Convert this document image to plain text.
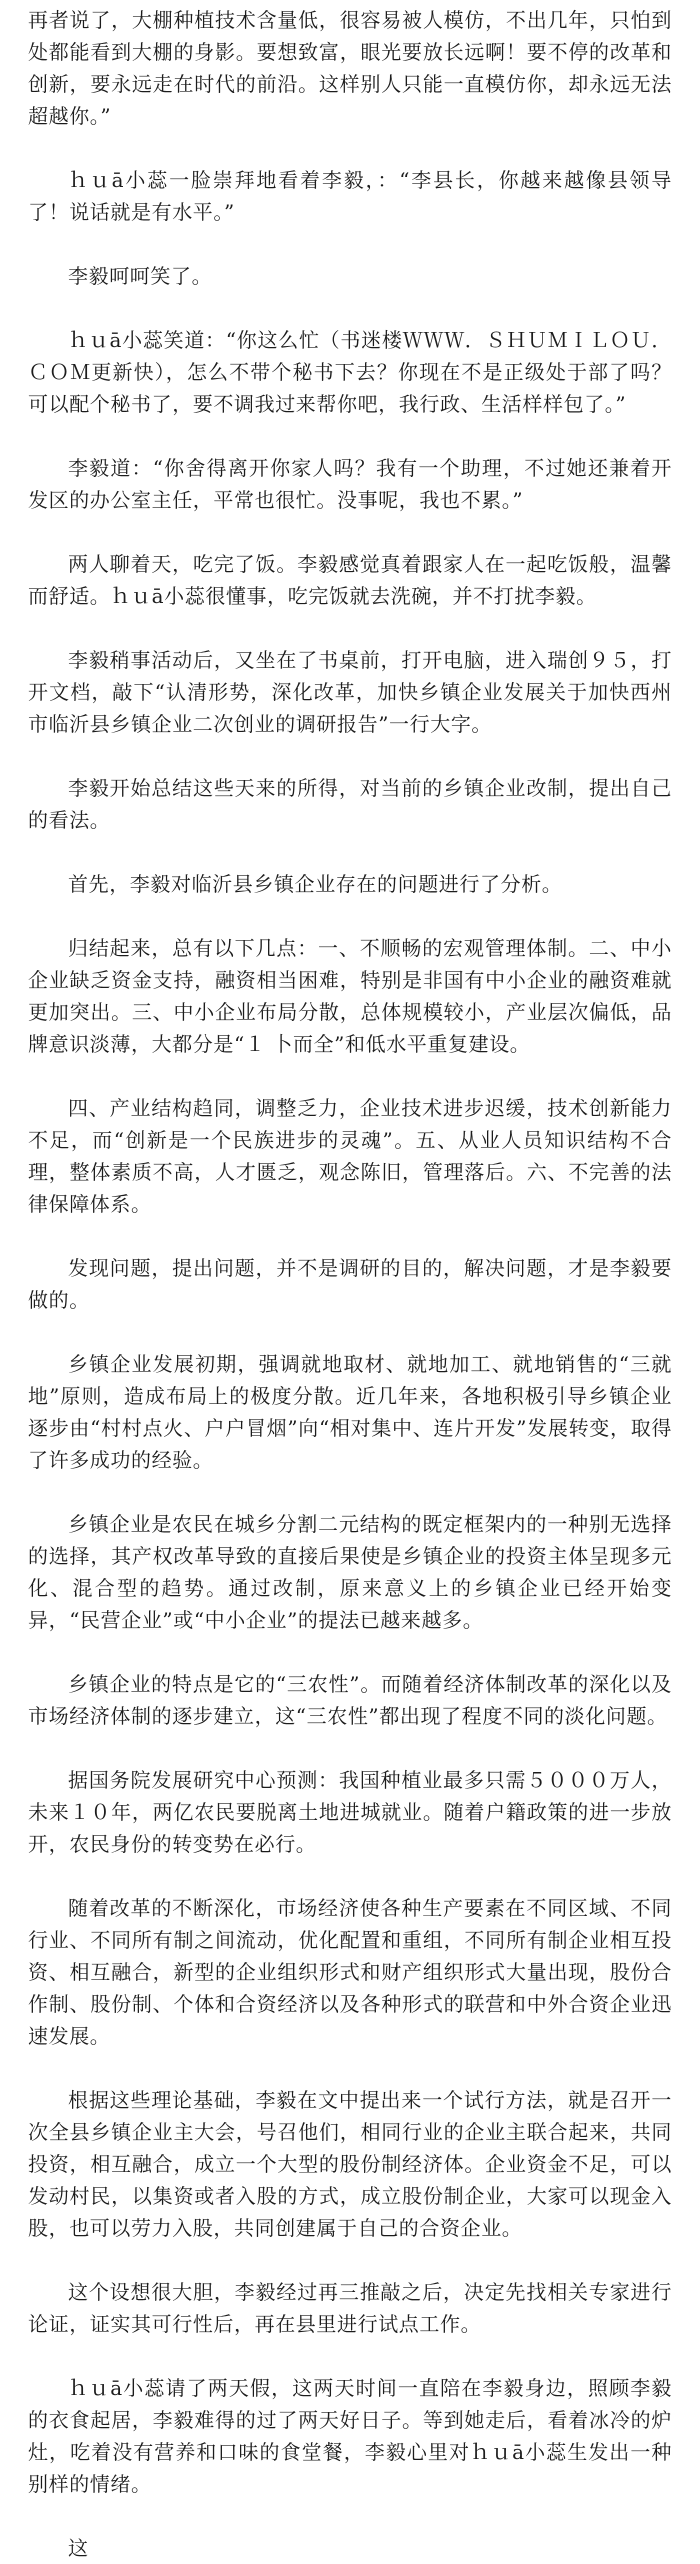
再者说了，大棚种植技术含量低，很容易被人模仿，不出几年，只怕到处都能看到大棚的身影。要想致富，眼光要放长远啊！要不停的改革和创新，要永远走在时代的前沿。这样别人只能一直模仿你，却永远无法超越你。”

ｈｕā小蕊一脸崇拜地看着李毅，：“李县长，你越来越像县领导了！说话就是有水平。”

李毅呵呵笑了。

ｈｕā小蕊笑道：“你这么忙（书迷楼ＷＷＷ．ＳＨＵＭＩＬＯＵ．ＣＯＭ更新快），怎么不带个秘书下去？你现在不是正级处于部了吗？可以配个秘书了，要不调我过来帮你吧，我行政、生活样样包了。”

李毅道：“你舍得离开你家人吗？我有一个助理，不过她还兼着开发区的办公室主任，平常也很忙。没事呢，我也不累。”

两人聊着天，吃完了饭。李毅感觉真着跟家人在一起吃饭般，温馨而舒适。ｈｕā小蕊很懂事，吃完饭就去洗碗，并不打扰李毅。

李毅稍事活动后，又坐在了书桌前，打开电脑，进入瑞创９５，打开文档，敲下“认清形势，深化改革，加快乡镇企业发展关于加快西州市临沂县乡镇企业二次创业的调研报告”一行大字。

李毅开始总结这些天来的所得，对当前的乡镇企业改制，提出自己的看法。

首先，李毅对临沂县乡镇企业存在的问题进行了分析。

归结起来，总有以下几点：一、不顺畅的宏观管理体制。二、中小企业缺乏资金支持，融资相当困难，特别是非国有中小企业的融资难就更加突出。三、中小企业布局分散，总体规模较小，产业层次偏低，品牌意识淡薄，大都分是“１ 卜而全”和低水平重复建设。

四、产业结构趋同，调整乏力，企业技术进步迟缓，技术创新能力不足，而“创新是一个民族进步的灵魂”。五、从业人员知识结构不合理，整体素质不高，人才匮乏，观念陈旧，管理落后。六、不完善的法律保障体系。

发现问题，提出问题，并不是调研的目的，解决问题，才是李毅要做的。

乡镇企业发展初期，强调就地取材、就地加工、就地销售的“三就地”原则，造成布局上的极度分散。近几年来，各地积极引导乡镇企业逐步由“村村点火、户户冒烟”向“相对集中、连片开发”发展转变，取得了许多成功的经验。

乡镇企业是农民在城乡分割二元结构的既定框架内的一种别无选择的选择，其产权改革导致的直接后果使是乡镇企业的投资主体呈现多元化、混合型的趋势。通过改制，原来意义上的乡镇企业已经开始变异，“民营企业”或“中小企业”的提法已越来越多。

乡镇企业的特点是它的“三农性”。而随着经济体制改革的深化以及市场经济体制的逐步建立，这“三农性”都出现了程度不同的淡化问题。

据国务院发展研究中心预测：我国种植业最多只需５０００万人，未来１０年，两亿农民要脱离土地进城就业。随着户籍政策的进一步放开，农民身份的转变势在必行。

随着改革的不断深化，市场经济使各种生产要素在不同区域、不同行业、不同所有制之间流动，优化配置和重组，不同所有制企业相互投资、相互融合，新型的企业组织形式和财产组织形式大量出现，股份合作制、股份制、个体和合资经济以及各种形式的联营和中外合资企业迅速发展。

根据这些理论基础，李毅在文中提出来一个试行方法，就是召开一次全县乡镇企业主大会，号召他们，相同行业的企业主联合起来，共同投资，相互融合，成立一个大型的股份制经济体。企业资金不足，可以发动村民，以集资或者入股的方式，成立股份制企业，大家可以现金入股，也可以劳力入股，共同创建属于自己的合资企业。

这个设想很大胆，李毅经过再三推敲之后，决定先找相关专家进行论证，证实其可行性后，再在县里进行试点工作。

ｈｕā小蕊请了两天假，这两天时间一直陪在李毅身边，照顾李毅的衣食起居，李毅难得的过了两天好日子。等到她走后，看着冰冷的炉灶，吃着没有营养和口味的食堂餐，李毅心里对ｈｕā小蕊生发出一种别样的情绪。

这
